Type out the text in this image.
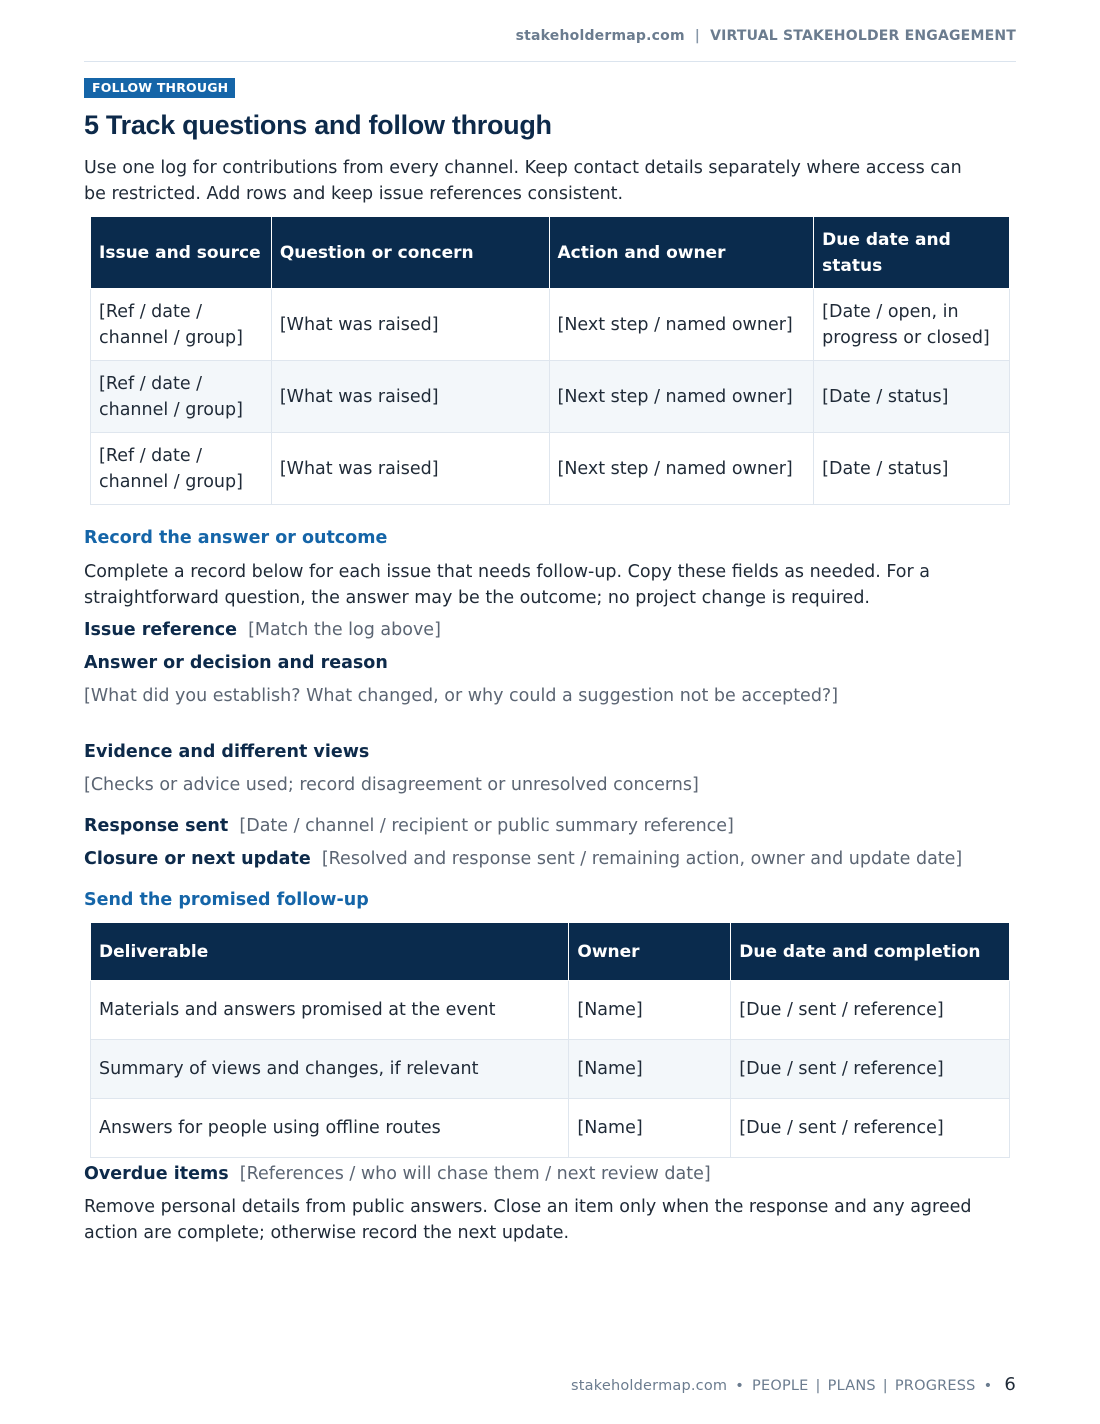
stakeholdermap.com | VIRTUAL STAKEHOLDER ENGAGEMENT
FOLLOW THROUGH
5 Track questions and follow through

Use one log for contributions from every channel. Keep contact details separately where access can be restricted. Add rows and keep issue references consistent.

Issue and source	Question or concern	Action and owner	Due date and status
[Ref / date / channel / group]	[What was raised]	[Next step / named owner]	[Date / open, in progress or closed]
[Ref / date / channel / group]	[What was raised]	[Next step / named owner]	[Date / status]
[Ref / date / channel / group]	[What was raised]	[Next step / named owner]	[Date / status]
Record the answer or outcome

Complete a record below for each issue that needs follow-up. Copy these fields as needed. For a straightforward question, the answer may be the outcome; no project change is required.

Issue reference [Match the log above]
Answer or decision and reason
[What did you establish? What changed, or why could a suggestion not be accepted?]
Evidence and different views
[Checks or advice used; record disagreement or unresolved concerns]
Response sent [Date / channel / recipient or public summary reference]
Closure or next update [Resolved and response sent / remaining action, owner and update date]
Send the promised follow-up
Deliverable	Owner	Due date and completion
Materials and answers promised at the event	[Name]	[Due / sent / reference]
Summary of views and changes, if relevant	[Name]	[Due / sent / reference]
Answers for people using offline routes	[Name]	[Due / sent / reference]
Overdue items [References / who will chase them / next review date]

Remove personal details from public answers. Close an item only when the response and any agreed action are complete; otherwise record the next update.

stakeholdermap.com • PEOPLE | PLANS | PROGRESS • 6
